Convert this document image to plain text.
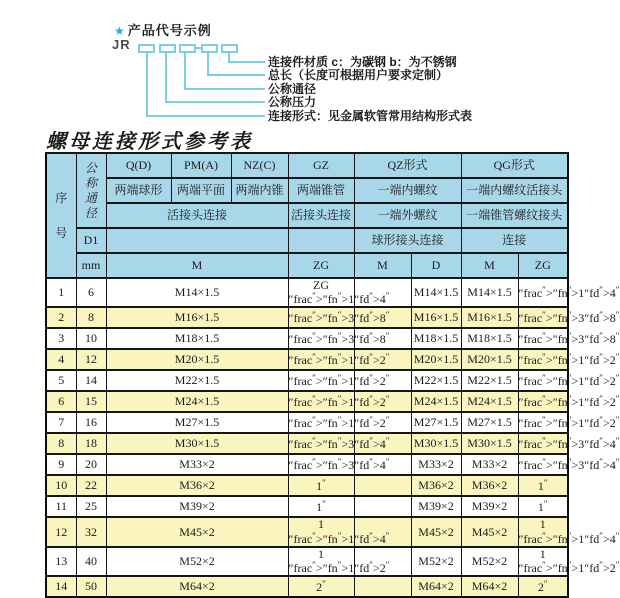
★ 产品代号示例
JR
连接件材质 c：为碳钢 b：为不锈钢
总长（长度可根据用户要求定制）
公称通径
公称压力
连接形式：见金属软管常用结构形式表
螺母连接形式参考表
序号	公称通径	Q(D)	PM(A)	NZ(C)	GZ	QZ形式		QG形式	
		两端球形	两端平面	两端内锥	两端锥管	一端内螺纹		一端内螺纹活接头	
		活接头连接			活接头连接	一端外螺纹		一端锥管螺纹接头	
	D1					球形接头连接		连接	
	mm	M			ZG	M	D	M	ZG
1	6	M14×1.5			ZG ″frac″>″fn″>1″ ″ ″		M14×1.5	M14×1.5	″frac″>″fn″>1″fd″>4″
2	8	M16×1.5			″frac″>″fn″>3″ ″ ″		M16×1.5	M16×1.5	″frac″>″fn″>3″fd″>8″
3	10	M18×1.5			″frac″>″fn″>3″ ″ ″		M18×1.5	M18×1.5	″frac″>″fn″>3″fd″>8″
4	12	M20×1.5			″frac″>″fn″>1″ ″ ″		M20×1.5	M20×1.5	″frac″>″fn″>1″fd″>2″
5	14	M22×1.5			″frac″>″fn″>1″ ″ ″		M22×1.5	M22×1.5	″frac″>″fn″>1″fd″>2″
6	15	M24×1.5			″frac″>″fn″>1″ ″ ″		M24×1.5	M24×1.5	″frac″>″fn″>1″fd″>2″
7	16	M27×1.5			″frac″>″fn″>1″ ″ ″		M27×1.5	M27×1.5	″frac″>″fn″>1″fd″>2″
8	18	M30×1.5			″frac″>″fn″>3″ ″ ″		M30×1.5	M30×1.5	″frac″>″fn″>3″fd″>4″
9	20	M33×2			″frac″>″fn″>3″ ″ ″		M33×2	M33×2	″frac″>″fn″>3″fd″>4″
10	22	M36×2			1″		M36×2	M36×2	1″
11	25	M39×2			1″		M39×2	M39×2	1″
12	32	M45×2			1 ″frac″>″fn″>1″ ″ ″		M45×2	M45×2	1 ″frac″>″fn″>1″fd″>4″
13	40	M52×2			1 ″frac″>″fn″>1″ ″ ″		M52×2	M52×2	1 ″frac″>″fn″>1″fd″>2″
14	50	M64×2			2″		M64×2	M64×2	2″
